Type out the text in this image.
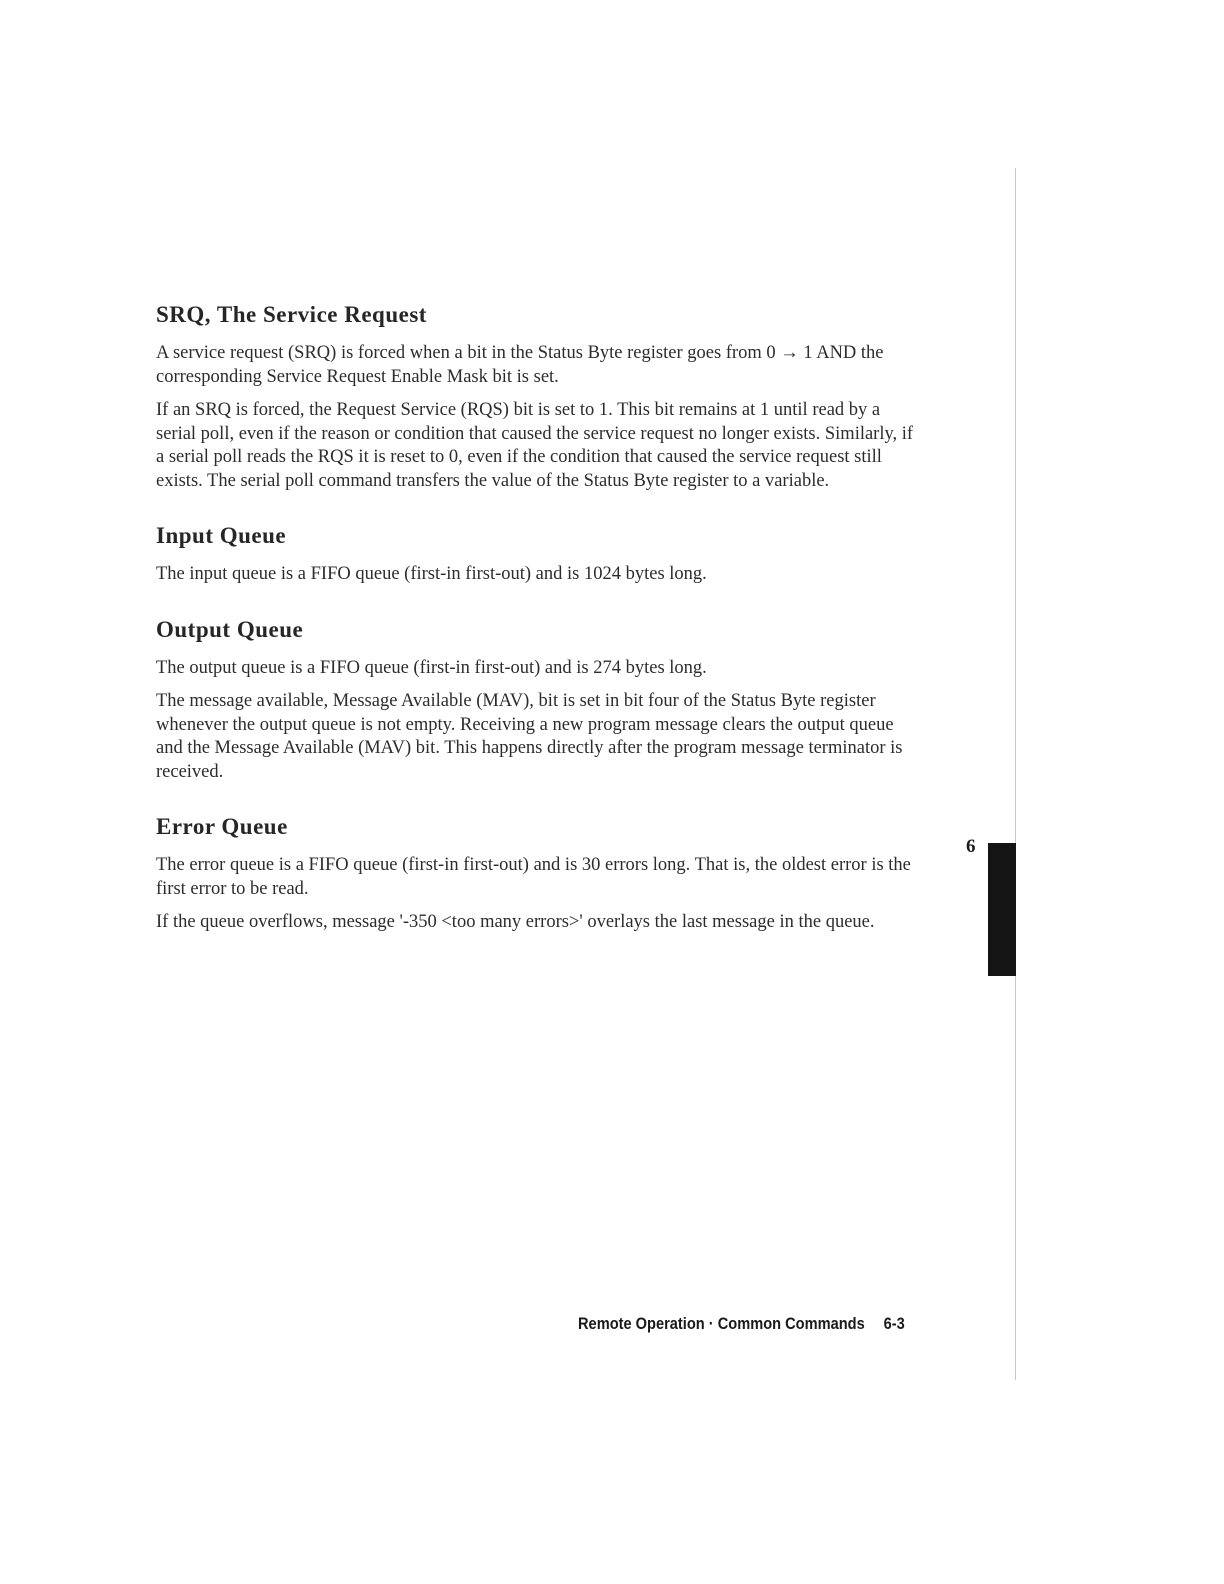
SRQ, The Service Request

A service request (SRQ) is forced when a bit in the Status Byte register goes from 0 → 1 AND the corresponding Service Request Enable Mask bit is set.

If an SRQ is forced, the Request Service (RQS) bit is set to 1. This bit remains at 1 until read by a serial poll, even if the reason or condition that caused the service request no longer exists. Similarly, if a serial poll reads the RQS it is reset to 0, even if the condition that caused the service request still exists. The serial poll command transfers the value of the Status Byte register to a variable.

Input Queue

The input queue is a FIFO queue (first-in first-out) and is 1024 bytes long.

Output Queue

The output queue is a FIFO queue (first-in first-out) and is 274 bytes long.

The message available, Message Available (MAV), bit is set in bit four of the Status Byte register whenever the output queue is not empty. Receiving a new program message clears the output queue and the Message Available (MAV) bit. This happens directly after the program message terminator is received.

Error Queue

The error queue is a FIFO queue (first-in first-out) and is 30 errors long. That is, the oldest error is the first error to be read.

If the queue overflows, message '-350 <too many errors>' overlays the last message in the queue.

6
Remote Operation · Common Commands 6-3
